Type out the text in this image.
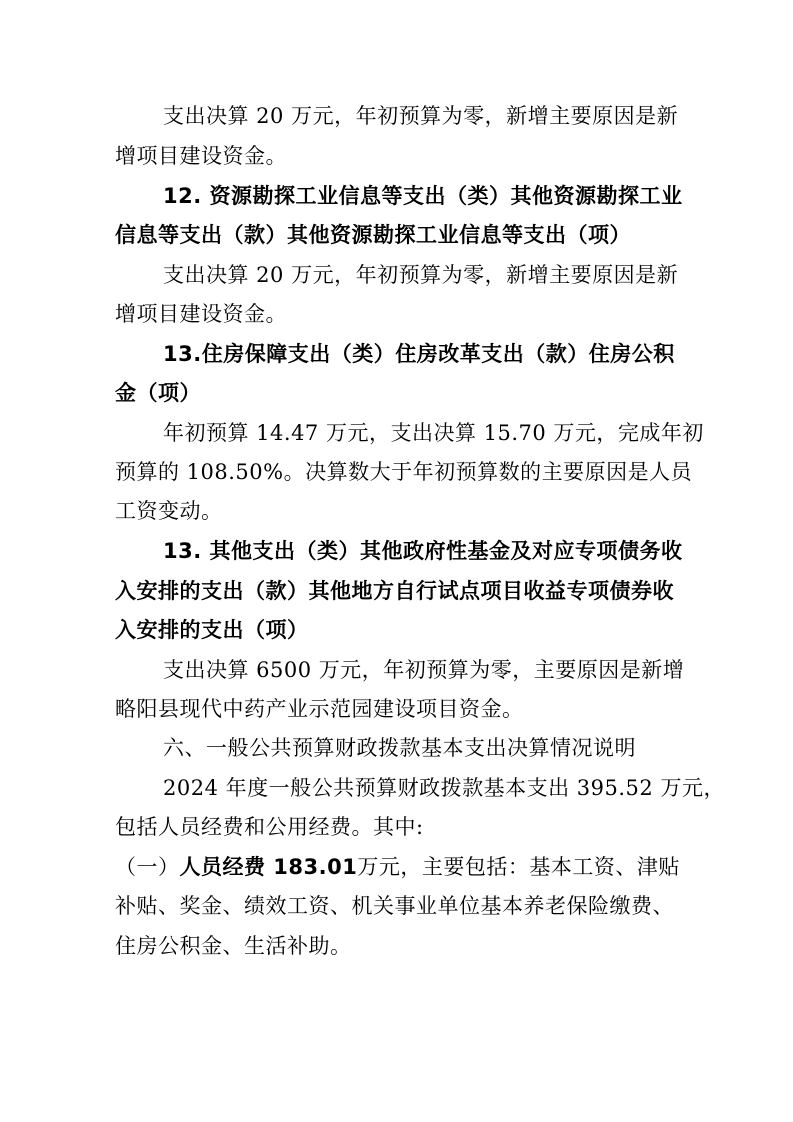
支出决算 20 万元，年初预算为零，新增主要原因是新
增项目建设资金。
12. 资源勘探工业信息等支出（类）其他资源勘探工业
信息等支出（款）其他资源勘探工业信息等支出（项）
支出决算 20 万元，年初预算为零，新增主要原因是新
增项目建设资金。
13.住房保障支出（类）住房改革支出（款）住房公积
金（项）
年初预算 14.47 万元，支出决算 15.70 万元，完成年初
预算的 108.50%。决算数大于年初预算数的主要原因是人员
工资变动。
13. 其他支出（类）其他政府性基金及对应专项债务收
入安排的支出（款）其他地方自行试点项目收益专项债券收
入安排的支出（项）
支出决算 6500 万元，年初预算为零，主要原因是新增
略阳县现代中药产业示范园建设项目资金。
六、一般公共预算财政拨款基本支出决算情况说明
2024 年度一般公共预算财政拨款基本支出 395.52 万元，
包括人员经费和公用经费。其中:
（一）人员经费 183.01万元，主要包括：基本工资、津贴
补贴、奖金、绩效工资、机关事业单位基本养老保险缴费、
住房公积金、生活补助。
